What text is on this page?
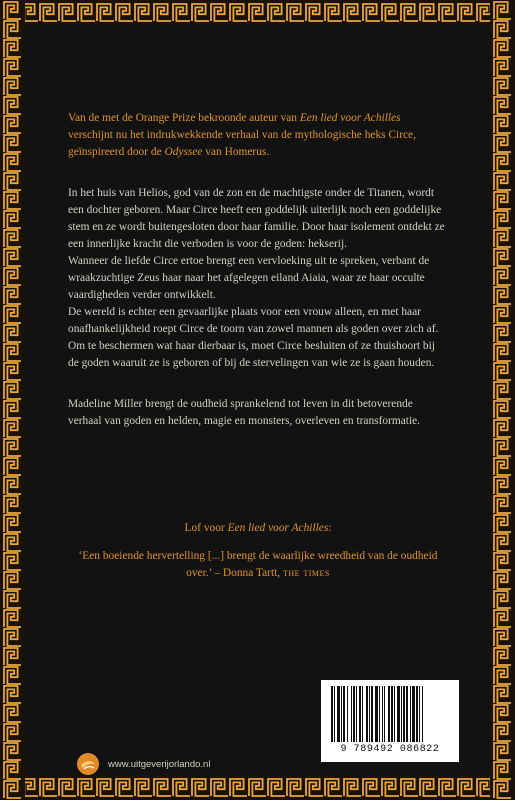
Van de met de Orange Prize bekroonde auteur van Een lied voor Achilles verschijnt nu het indrukwekkende verhaal van de mythologische heks Circe, geïnspireerd door de Odyssee van Homerus.

In het huis van Helios, god van de zon en de machtigste onder de Titanen, wordt een dochter geboren. Maar Circe heeft een goddelijk uiterlijk noch een goddelijke stem en ze wordt buitengesloten door haar familie. Door haar isolement ontdekt ze een innerlijke kracht die verboden is voor de goden: hekserij.

Wanneer de liefde Circe ertoe brengt een vervloeking uit te spreken, verbant de wraakzuchtige Zeus haar naar het afgelegen eiland Aiaia, waar ze haar occulte vaardigheden verder ontwikkelt.

De wereld is echter een gevaarlijke plaats voor een vrouw alleen, en met haar onafhankelijkheid roept Circe de toorn van zowel mannen als goden over zich af. Om te beschermen wat haar dierbaar is, moet Circe besluiten of ze thuishoort bij de goden waaruit ze is geboren of bij de stervelingen van wie ze is gaan houden.

Madeline Miller brengt de oudheid sprankelend tot leven in dit betoverende verhaal van goden en helden, magie en monsters, overleven en transformatie.

Lof voor Een lied voor Achilles:
‘Een boeiende hervertelling [...] brengt de waarlijke wreedheid van de oudheid over.’ – Donna Tartt, the times
9 789492 086822
www.uitgeverijorlando.nl
